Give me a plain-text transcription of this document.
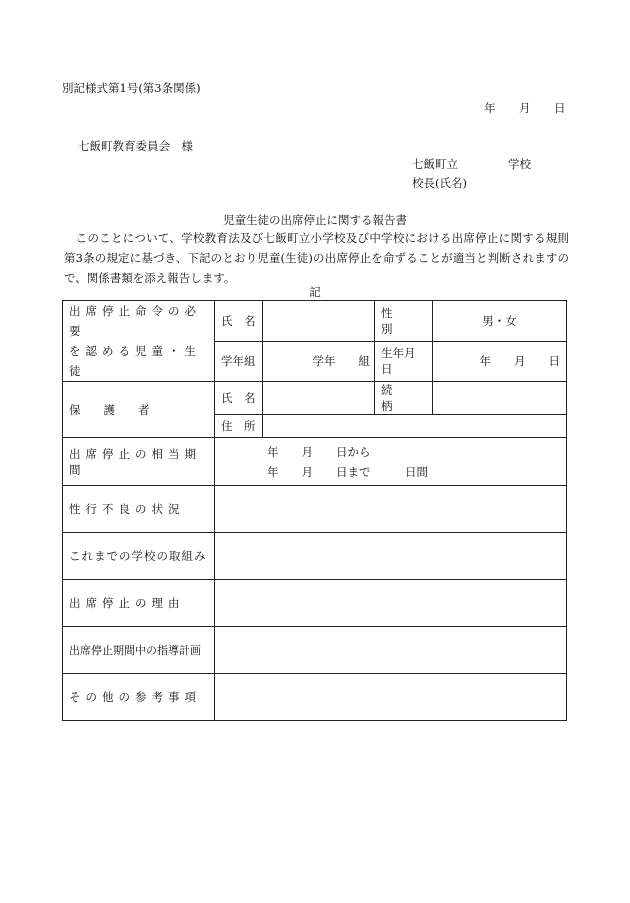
別記様式第1号(第3条関係)
年 月 日
七飯町教育委員会　様
七飯町立	学校
校長(氏名)
児童生徒の出席停止に関する報告書
　このことについて、学校教育法及び七飯町立小学校及び中学校における出席停止に関する規則第3条の規定に基づき、下記のとおり児童(生徒)の出席停止を命ずることが適当と判断されますので、関係書類を添え報告します。
記
出席停止命令の必要
を認める児童・生徒	氏　名		性　　別	男・女
	学年組	学年　　組	生年月日	年　　月　　日
保　　護　　者	氏　名		続　　柄	
	住　所			
出席停止の相当期間	年　　月　　日から
年　　月　　日まで　　　日間			

性行不良の状況				
これまでの学校の取組み				
出席停止の理由				
出席停止期間中の指導計画				
その他の参考事項				
